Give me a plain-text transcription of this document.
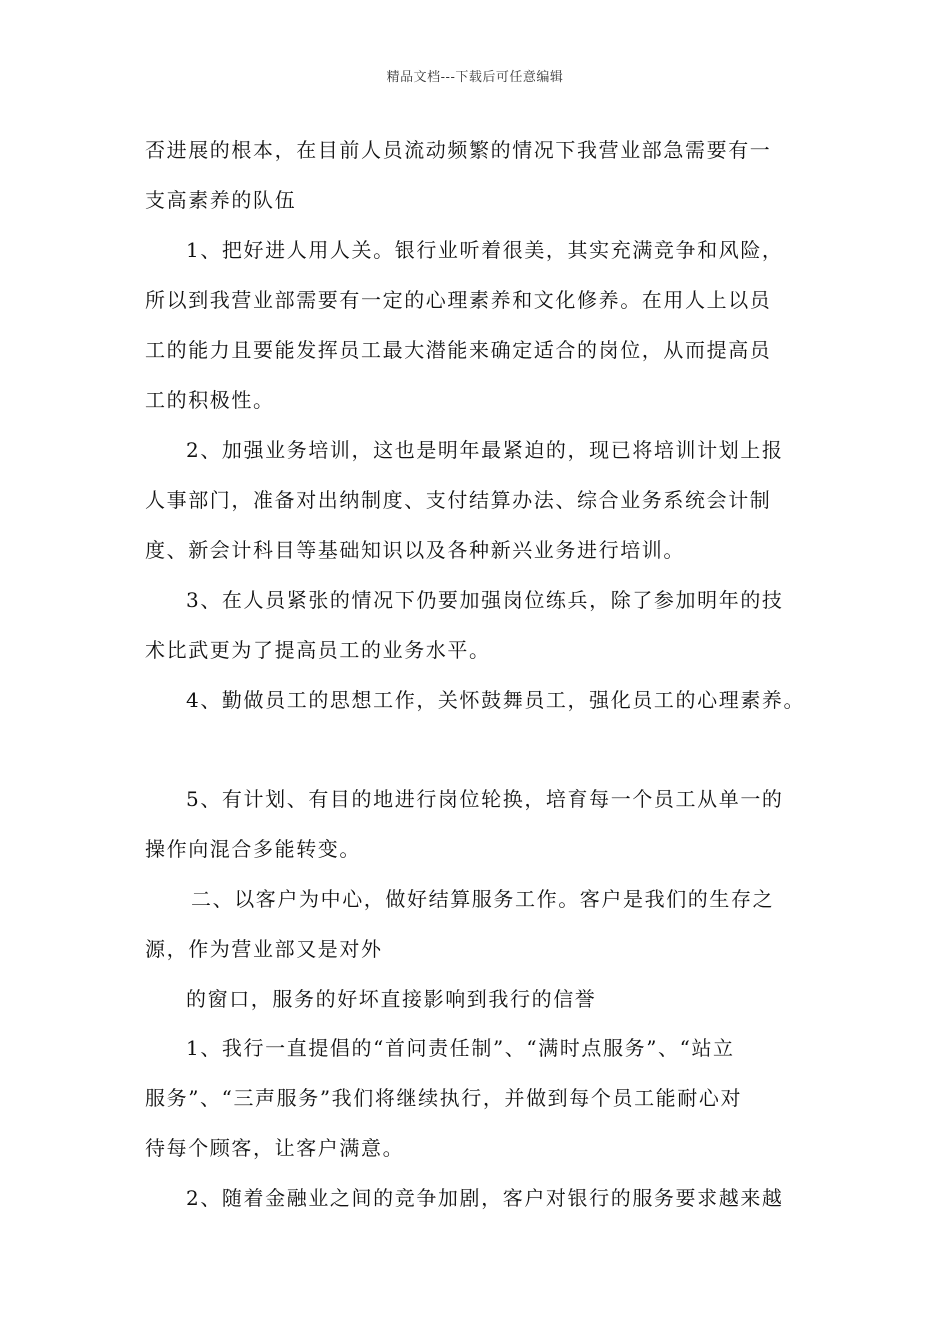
精品文档---下载后可任意编辑
否进展的根本，在目前人员流动频繁的情况下我营业部急需要有一
支高素养的队伍
1、把好进人用人关。银行业听着很美，其实充满竞争和风险，
所以到我营业部需要有一定的心理素养和文化修养。在用人上以员
工的能力且要能发挥员工最大潜能来确定适合的岗位，从而提高员
工的积极性。
2、加强业务培训，这也是明年最紧迫的，现已将培训计划上报
人事部门，准备对出纳制度、支付结算办法、综合业务系统会计制
度、新会计科目等基础知识以及各种新兴业务进行培训。
3、在人员紧张的情况下仍要加强岗位练兵，除了参加明年的技
术比武更为了提高员工的业务水平。
4、勤做员工的思想工作，关怀鼓舞员工，强化员工的心理素养。
5、有计划、有目的地进行岗位轮换，培育每一个员工从单一的
操作向混合多能转变。
二、以客户为中心，做好结算服务工作。客户是我们的生存之
源，作为营业部又是对外
的窗口，服务的好坏直接影响到我行的信誉
1、我行一直提倡的“首问责任制”、“满时点服务”、“站立
服务”、“三声服务”我们将继续执行，并做到每个员工能耐心对
待每个顾客，让客户满意。
2、随着金融业之间的竞争加剧，客户对银行的服务要求越来越
